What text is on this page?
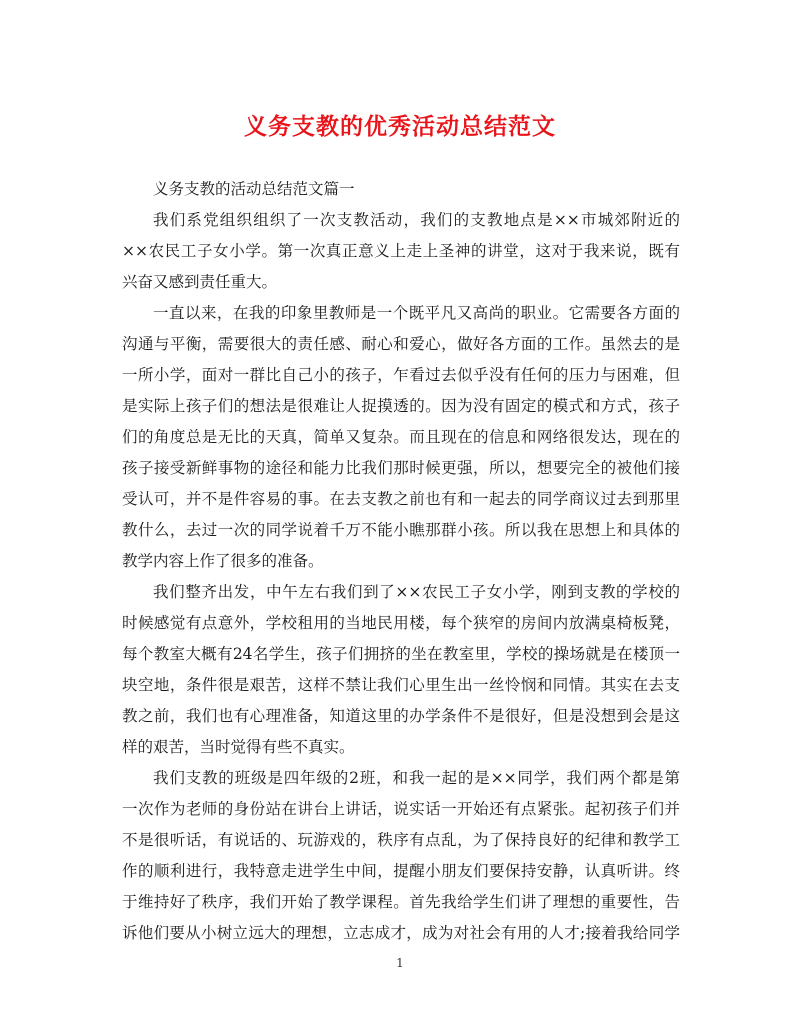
义务支教的优秀活动总结范文
义务支教的活动总结范文篇一
我们系党组织组织了一次支教活动，我们的支教地点是××市城郊附近的
××农民工子女小学。第一次真正意义上走上圣神的讲堂，这对于我来说，既有
兴奋又感到责任重大。
一直以来，在我的印象里教师是一个既平凡又高尚的职业。它需要各方面的
沟通与平衡，需要很大的责任感、耐心和爱心，做好各方面的工作。虽然去的是
一所小学，面对一群比自己小的孩子，乍看过去似乎没有任何的压力与困难，但
是实际上孩子们的想法是很难让人捉摸透的。因为没有固定的模式和方式，孩子
们的角度总是无比的天真，简单又复杂。而且现在的信息和网络很发达，现在的
孩子接受新鲜事物的途径和能力比我们那时候更强，所以，想要完全的被他们接
受认可，并不是件容易的事。在去支教之前也有和一起去的同学商议过去到那里
教什么，去过一次的同学说着千万不能小瞧那群小孩。所以我在思想上和具体的
教学内容上作了很多的准备。
我们整齐出发，中午左右我们到了××农民工子女小学，刚到支教的学校的
时候感觉有点意外，学校租用的当地民用楼，每个狭窄的房间内放满桌椅板凳，
每个教室大概有24名学生，孩子们拥挤的坐在教室里，学校的操场就是在楼顶一
块空地，条件很是艰苦，这样不禁让我们心里生出一丝怜悯和同情。其实在去支
教之前，我们也有心理准备，知道这里的办学条件不是很好，但是没想到会是这
样的艰苦，当时觉得有些不真实。
我们支教的班级是四年级的2班，和我一起的是××同学，我们两个都是第
一次作为老师的身份站在讲台上讲话，说实话一开始还有点紧张。起初孩子们并
不是很听话，有说话的、玩游戏的，秩序有点乱，为了保持良好的纪律和教学工
作的顺利进行，我特意走进学生中间，提醒小朋友们要保持安静，认真听讲。终
于维持好了秩序，我们开始了教学课程。首先我给学生们讲了理想的重要性，告
诉他们要从小树立远大的理想，立志成才，成为对社会有用的人才;接着我给同学
1
